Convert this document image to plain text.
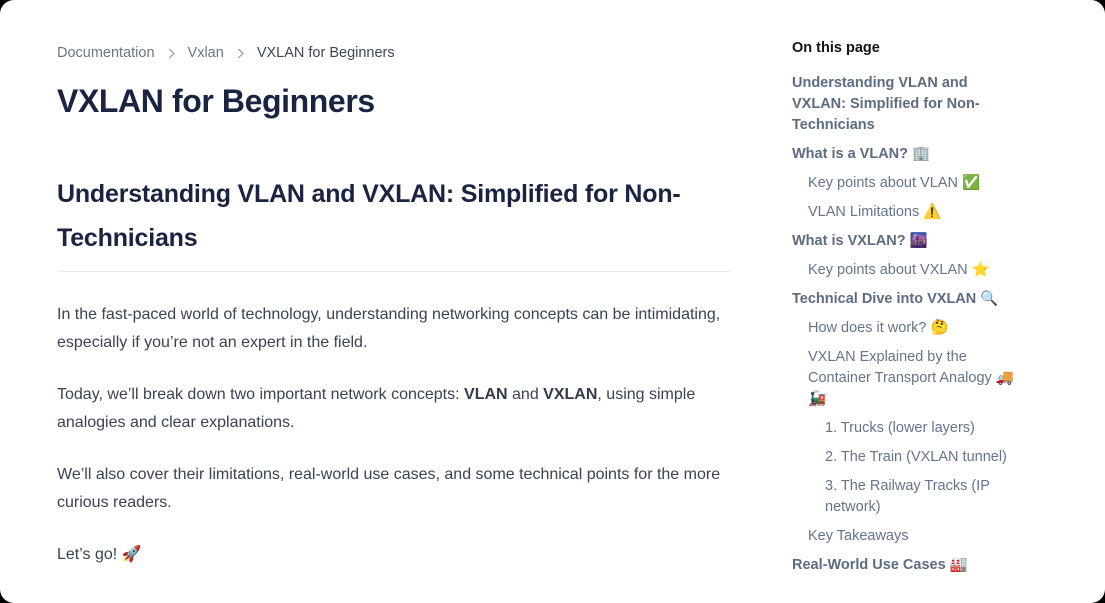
Documentation Vxlan VXLAN for Beginners
VXLAN for Beginners
Understanding VLAN and VXLAN: Simplified for Non-Technicians

In the fast-paced world of technology, understanding networking concepts can be intimidating, especially if you’re not an expert in the field.

Today, we’ll break down two important network concepts: VLAN and VXLAN, using simple analogies and clear explanations.

We’ll also cover their limitations, real-world use cases, and some technical points for the more curious readers.

Let’s go! 🚀

On this page
Understanding VLAN and VXLAN: Simplified for Non-Technicians
What is a VLAN? 🏢
Key points about VLAN ✅
VLAN Limitations ⚠️
What is VXLAN? 🌆
Key points about VXLAN ⭐
Technical Dive into VXLAN 🔍
How does it work? 🤔
VXLAN Explained by the Container Transport Analogy 🚚 🚂
1. Trucks (lower layers)
2. The Train (VXLAN tunnel)
3. The Railway Tracks (IP network)
Key Takeaways
Real-World Use Cases 🏭
